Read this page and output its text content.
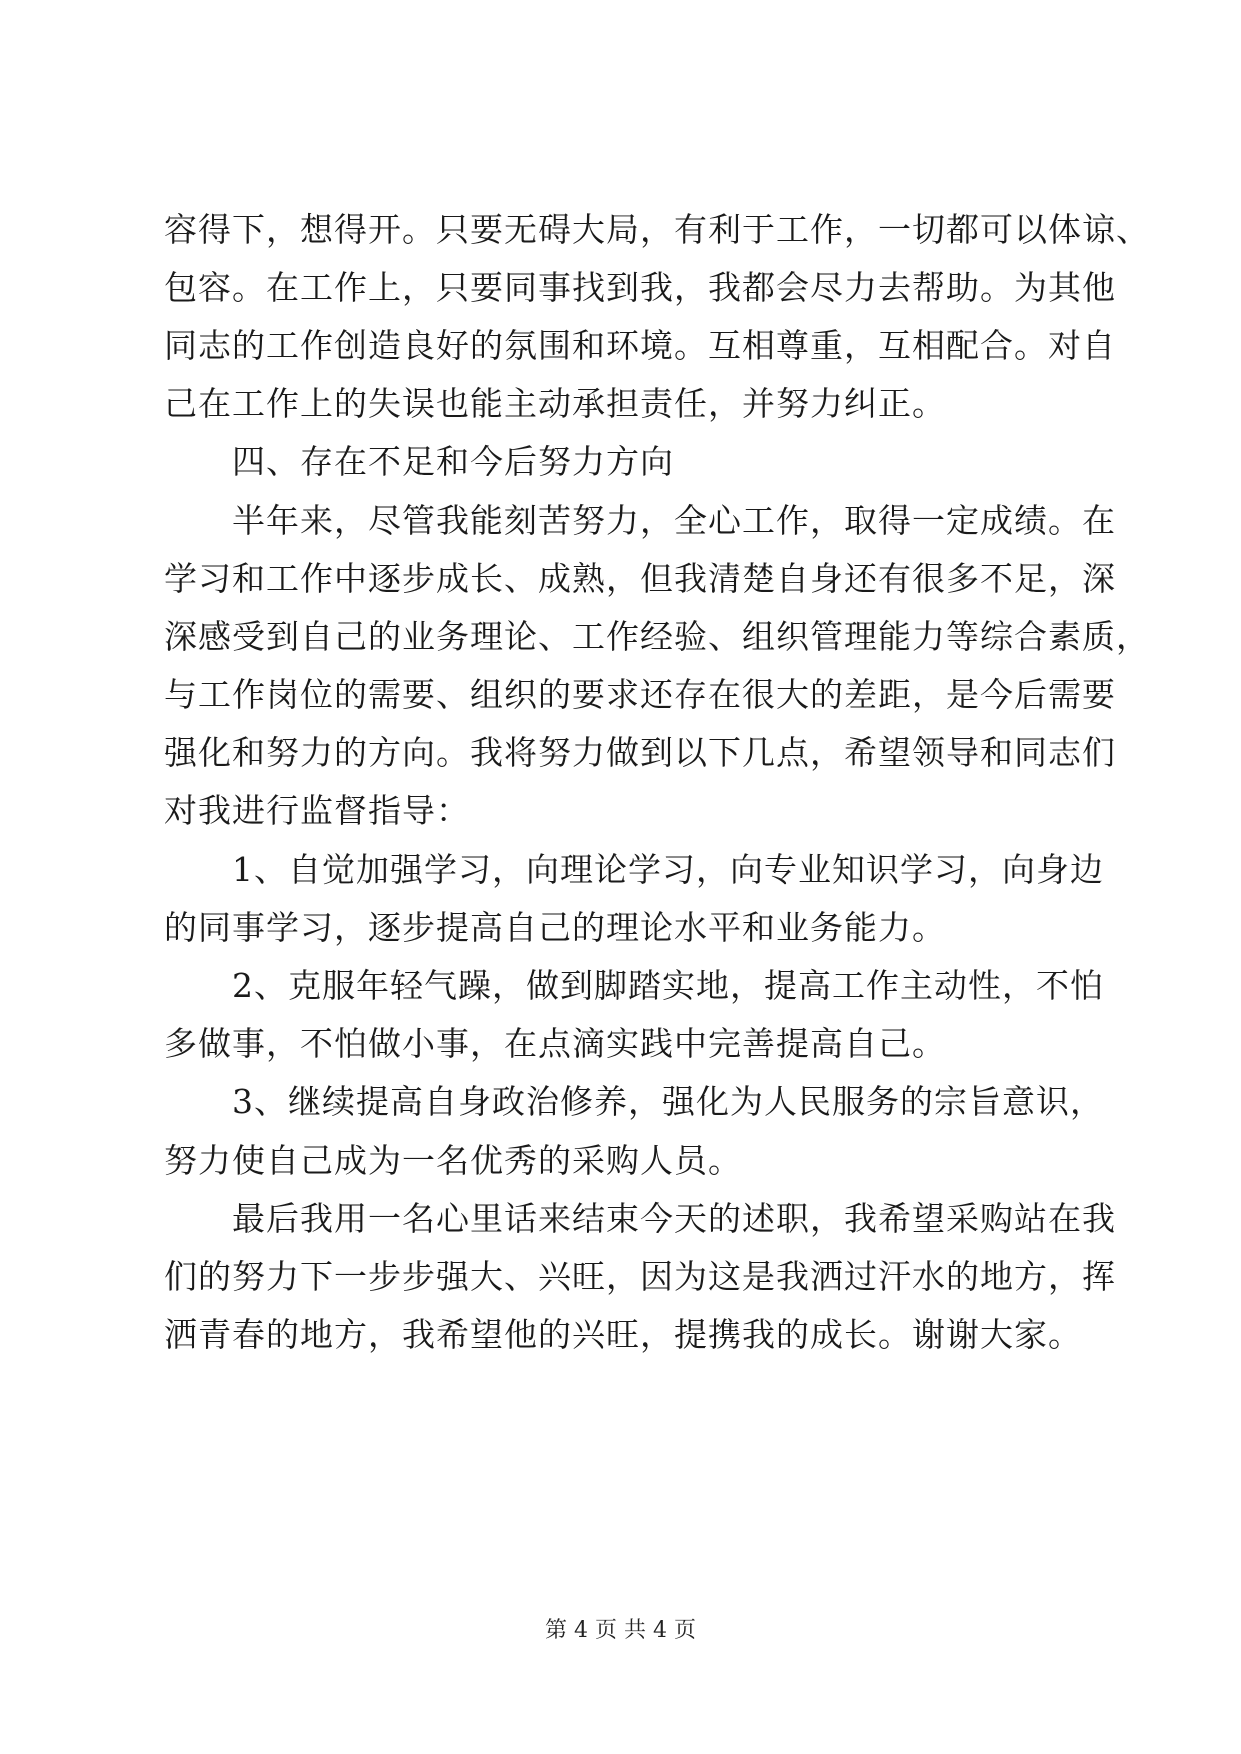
容得下，想得开。只要无碍大局，有利于工作，一切都可以体谅、
包容。在工作上，只要同事找到我，我都会尽力去帮助。为其他
同志的工作创造良好的氛围和环境。互相尊重，互相配合。对自
己在工作上的失误也能主动承担责任，并努力纠正。
四、存在不足和今后努力方向
半年来，尽管我能刻苦努力，全心工作，取得一定成绩。在
学习和工作中逐步成长、成熟，但我清楚自身还有很多不足，深
深感受到自己的业务理论、工作经验、组织管理能力等综合素质，
与工作岗位的需要、组织的要求还存在很大的差距，是今后需要
强化和努力的方向。我将努力做到以下几点，希望领导和同志们
对我进行监督指导：
1、自觉加强学习，向理论学习，向专业知识学习，向身边
的同事学习，逐步提高自己的理论水平和业务能力。
2、克服年轻气躁，做到脚踏实地，提高工作主动性，不怕
多做事，不怕做小事，在点滴实践中完善提高自己。
3、继续提高自身政治修养，强化为人民服务的宗旨意识，
努力使自己成为一名优秀的采购人员。
最后我用一名心里话来结束今天的述职，我希望采购站在我
们的努力下一步步强大、兴旺，因为这是我洒过汗水的地方，挥
洒青春的地方，我希望他的兴旺，提携我的成长。谢谢大家。
第 4 页 共 4 页
